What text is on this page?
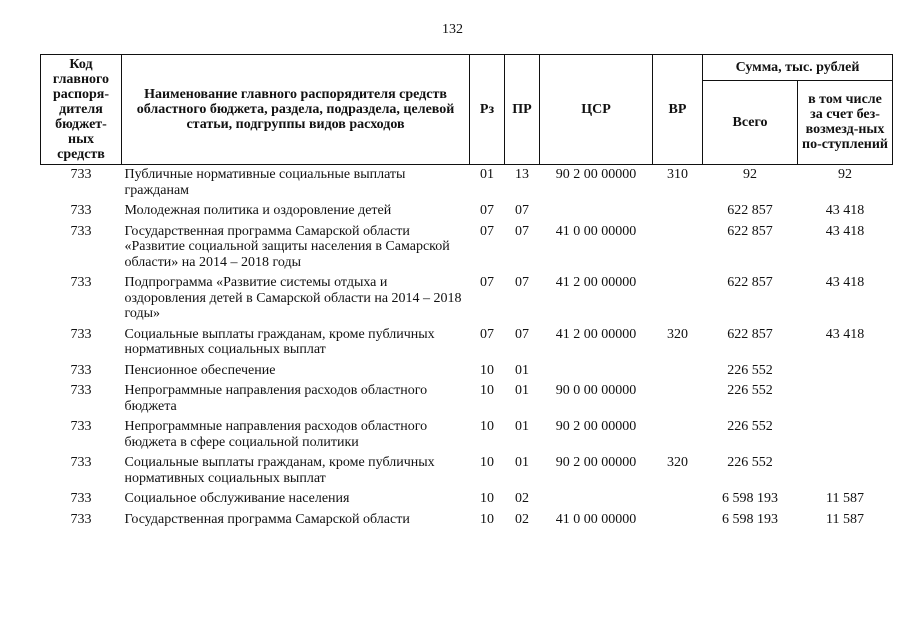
132
Код главного распоря-дителя бюджет-ных средств	Наименование главного распорядителя средств областного бюджета, раздела, подраздела, целевой статьи, подгруппы видов расходов	Рз	ПР	ЦСР	ВР	Сумма, тыс. рублей	
						Всего	в том числе за счет без-возмезд-ных по-ступлений
733	Публичные нормативные социальные выплаты гражданам	01	13	90 2 00 00000	310	92	92
733	Молодежная политика и оздоровление детей	07	07			622 857	43 418
733	Государственная программа Самарской области «Развитие социальной защиты населения в Самарской области» на 2014 – 2018 годы	07	07	41 0 00 00000		622 857	43 418
733	Подпрограмма «Развитие системы отдыха и оздоровления детей в Самарской области на 2014 – 2018 годы»	07	07	41 2 00 00000		622 857	43 418
733	Социальные выплаты гражданам, кроме публичных нормативных социальных выплат	07	07	41 2 00 00000	320	622 857	43 418
733	Пенсионное обеспечение	10	01			226 552	
733	Непрограммные направления расходов областного бюджета	10	01	90 0 00 00000		226 552	
733	Непрограммные направления расходов областного бюджета в сфере социальной политики	10	01	90 2 00 00000		226 552	
733	Социальные выплаты гражданам, кроме публичных нормативных социальных выплат	10	01	90 2 00 00000	320	226 552	
733	Социальное обслуживание населения	10	02			6 598 193	11 587
733	Государственная программа Самарской области	10	02	41 0 00 00000		6 598 193	11 587
